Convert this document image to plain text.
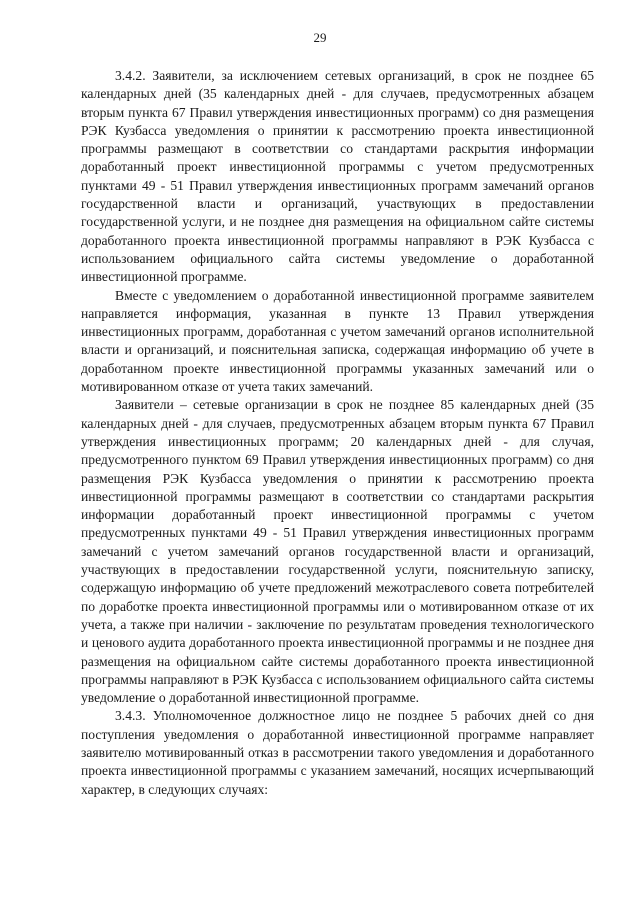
29

3.4.2. Заявители, за исключением сетевых организаций, в срок не позднее 65 календарных дней (35 календарных дней - для случаев, предусмотренных абзацем вторым пункта 67 Правил утверждения инвестиционных программ) со дня размещения РЭК Кузбасса уведомления о принятии к рассмотрению проекта инвестиционной программы размещают в соответствии со стандартами раскрытия информации доработанный проект инвестиционной программы с учетом предусмотренных пунктами 49 - 51 Правил утверждения инвестиционных программ замечаний органов государственной власти и организаций, участвующих в предоставлении государственной услуги, и не позднее дня размещения на официальном сайте системы доработанного проекта инвестиционной программы направляют в РЭК Кузбасса с использованием официального сайта системы уведомление о доработанной инвестиционной программе.

Вместе с уведомлением о доработанной инвестиционной программе заявителем направляется информация, указанная в пункте 13 Правил утверждения инвестиционных программ, доработанная с учетом замечаний органов исполнительной власти и организаций, и пояснительная записка, содержащая информацию об учете в доработанном проекте инвестиционной программы указанных замечаний или о мотивированном отказе от учета таких замечаний.

Заявители – сетевые организации в срок не позднее 85 календарных дней (35 календарных дней - для случаев, предусмотренных абзацем вторым пункта 67 Правил утверждения инвестиционных программ; 20 календарных дней - для случая, предусмотренного пунктом 69 Правил утверждения инвестиционных программ) со дня размещения РЭК Кузбасса уведомления о принятии к рассмотрению проекта инвестиционной программы размещают в соответствии со стандартами раскрытия информации доработанный проект инвестиционной программы с учетом предусмотренных пунктами 49 - 51 Правил утверждения инвестиционных программ замечаний с учетом замечаний органов государственной власти и организаций, участвующих в предоставлении государственной услуги, пояснительную записку, содержащую информацию об учете предложений межотраслевого совета потребителей по доработке проекта инвестиционной программы или о мотивированном отказе от их учета, а также при наличии - заключение по результатам проведения технологического и ценового аудита доработанного проекта инвестиционной программы и не позднее дня размещения на официальном сайте системы доработанного проекта инвестиционной программы направляют в РЭК Кузбасса с использованием официального сайта системы уведомление о доработанной инвестиционной программе.

3.4.3. Уполномоченное должностное лицо не позднее 5 рабочих дней со дня поступления уведомления о доработанной инвестиционной программе направляет заявителю мотивированный отказ в рассмотрении такого уведомления и доработанного проекта инвестиционной программы с указанием замечаний, носящих исчерпывающий характер, в следующих случаях:
